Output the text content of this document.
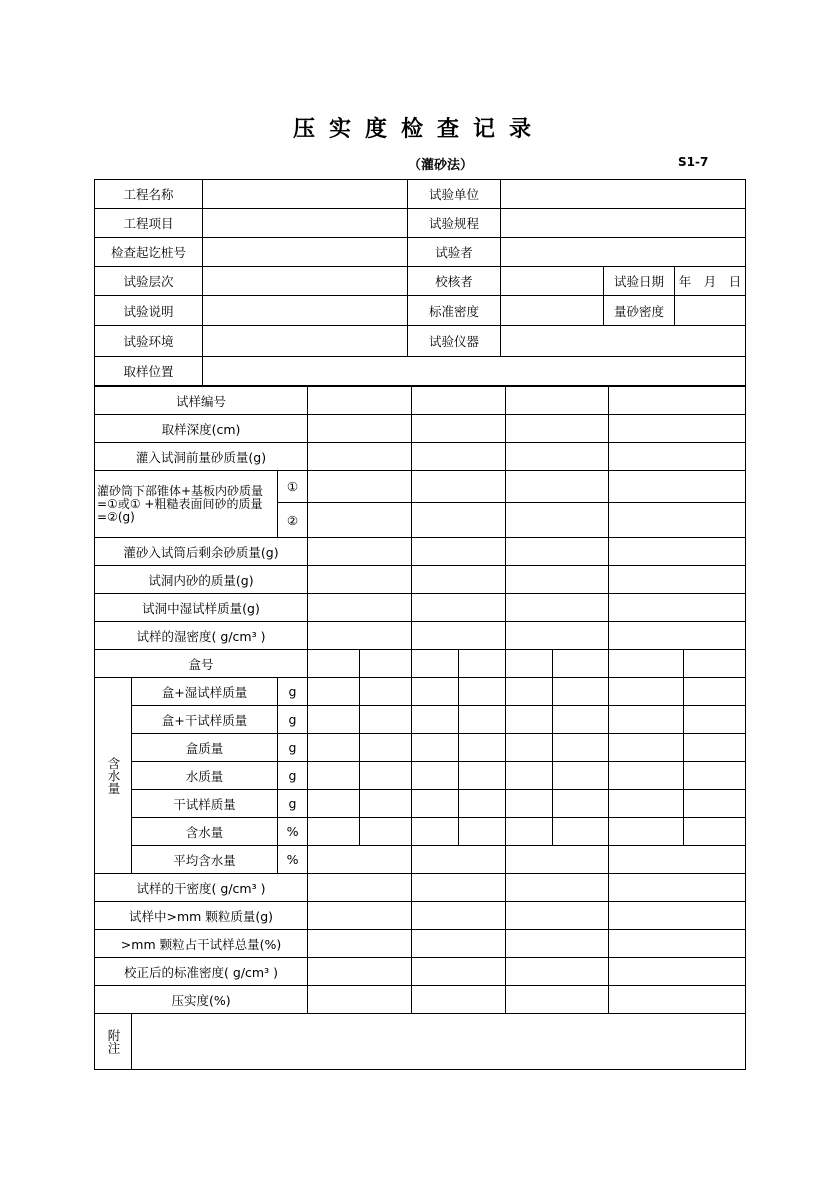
压实度检查记录
（灌砂法）	S1-7
工程名称		试验单位			
工程项目		试验规程			
检查起讫桩号		试验者			
试验层次		校核者		试验日期	年　月　日
试验说明		标准密度		量砂密度	
试验环境		试验仪器			
取样位置					
试样编号										
取样深度(cm)										
灌入试洞前量砂质量(g)										
灌砂筒下部锥体+基板内砂质量=①或① +粗糙表面间砂的质量=②(g)		①								
		②								
灌砂入试筒后剩余砂质量(g)										
试洞内砂的质量(g)										
试洞中湿试样质量(g)										
试样的湿密度( g/cm³ )										
盒号										
含水量	盒+湿试样质量	g								
	盒+干试样质量	g								
	盒质量	g								
	水质量	g								
	干试样质量	g								
	含水量	%								
	平均含水量	%								
试样的干密度( g/cm³ )										
试样中>mm 颗粒质量(g)										
>mm 颗粒占干试样总量(%)										
校正后的标准密度( g/cm³ )										
压实度(%)										
附注										
